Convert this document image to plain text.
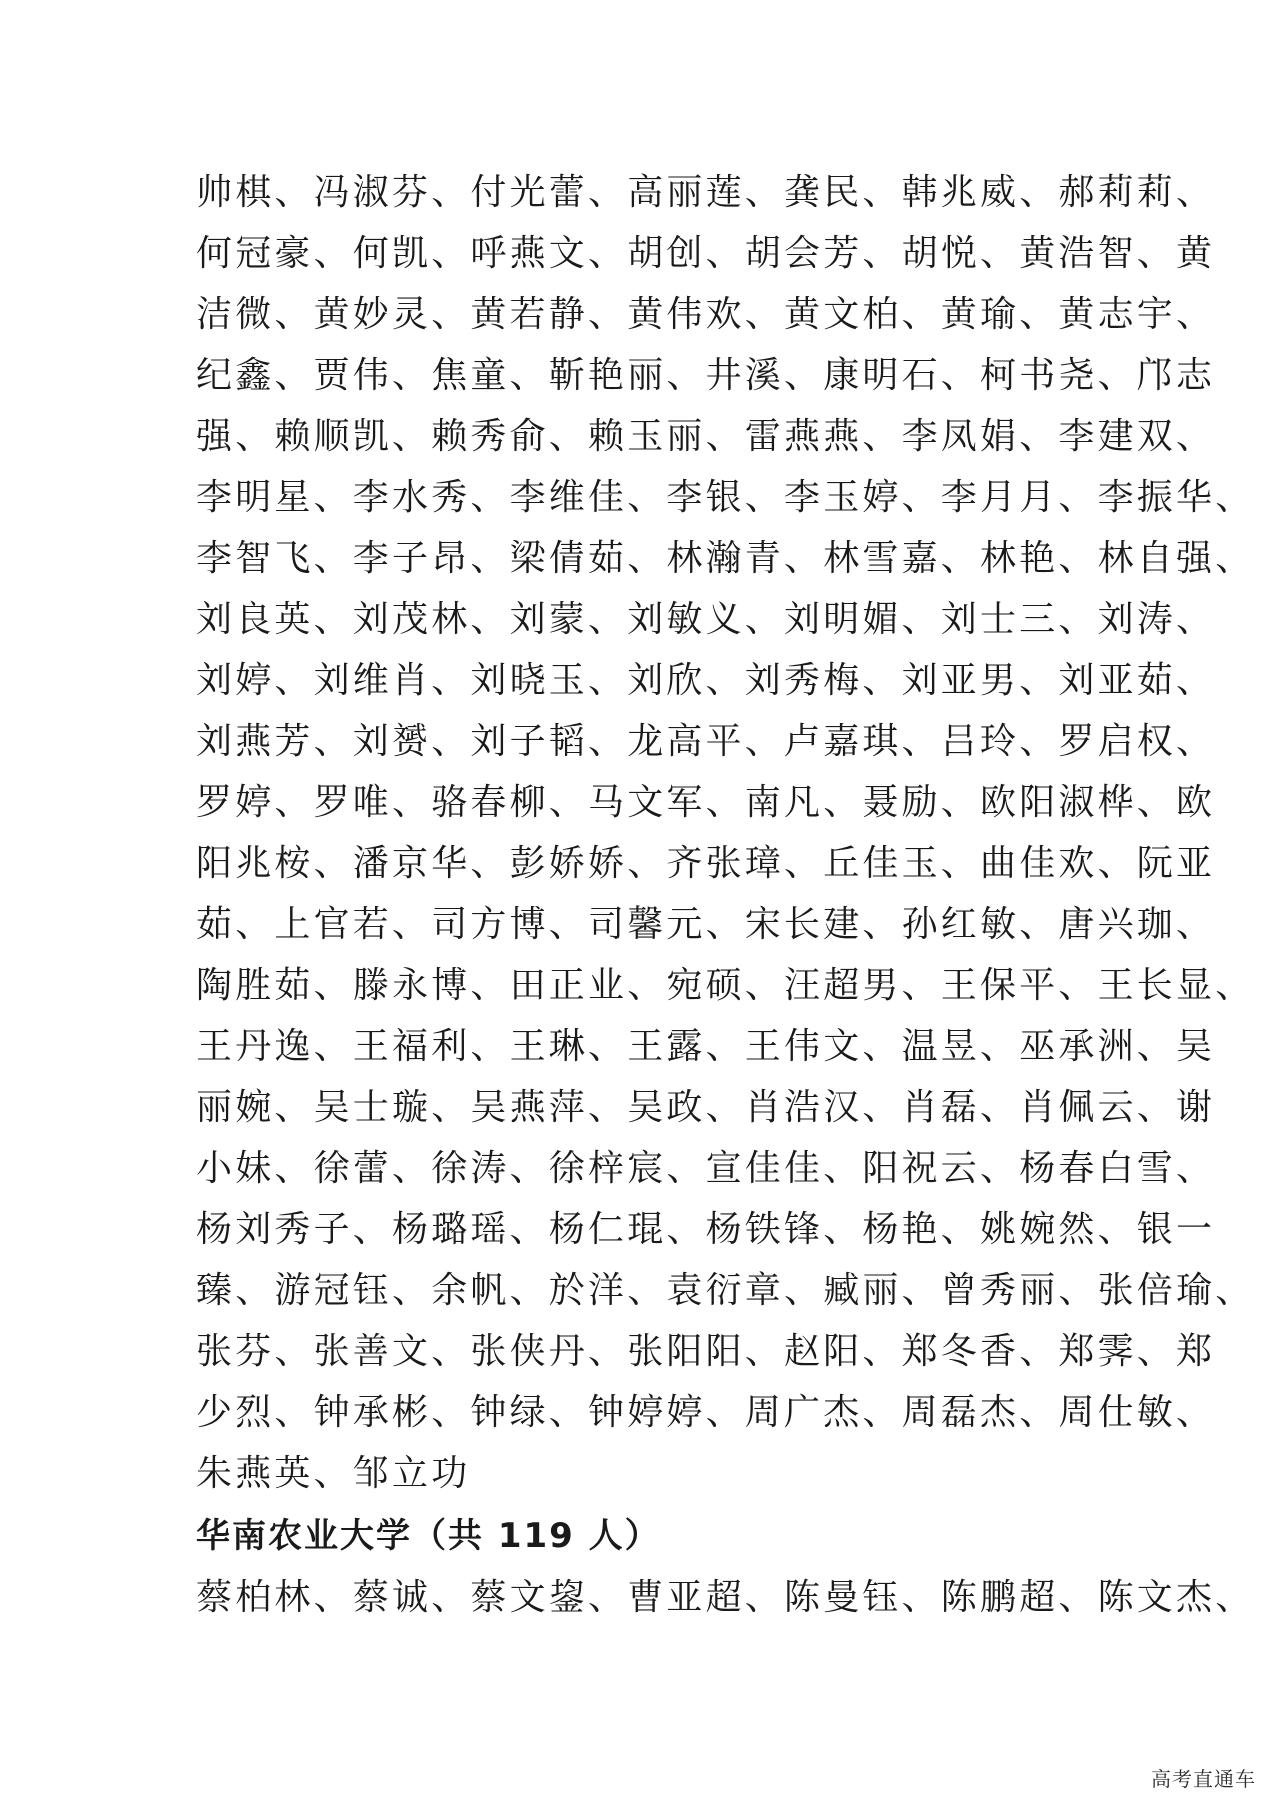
帅棋、冯淑芬、付光蕾、高丽莲、龚民、韩兆威、郝莉莉、
何冠豪、何凯、呼燕文、胡创、胡会芳、胡悦、黄浩智、黄
洁微、黄妙灵、黄若静、黄伟欢、黄文柏、黄瑜、黄志宇、
纪鑫、贾伟、焦童、靳艳丽、井溪、康明石、柯书尧、邝志
强、赖顺凯、赖秀俞、赖玉丽、雷燕燕、李凤娟、李建双、
李明星、李水秀、李维佳、李银、李玉婷、李月月、李振华、
李智飞、李子昂、梁倩茹、林瀚青、林雪嘉、林艳、林自强、
刘良英、刘茂林、刘蒙、刘敏义、刘明媚、刘士三、刘涛、
刘婷、刘维肖、刘晓玉、刘欣、刘秀梅、刘亚男、刘亚茹、
刘燕芳、刘赟、刘子韬、龙高平、卢嘉琪、吕玲、罗启权、
罗婷、罗唯、骆春柳、马文军、南凡、聂励、欧阳淑桦、欧
阳兆桉、潘京华、彭娇娇、齐张璋、丘佳玉、曲佳欢、阮亚
茹、上官若、司方博、司馨元、宋长建、孙红敏、唐兴珈、
陶胜茹、滕永博、田正业、宛硕、汪超男、王保平、王长显、
王丹逸、王福利、王琳、王露、王伟文、温昱、巫承洲、吴
丽婉、吴士璇、吴燕萍、吴政、肖浩汉、肖磊、肖佩云、谢
小妹、徐蕾、徐涛、徐梓宸、宣佳佳、阳祝云、杨春白雪、
杨刘秀子、杨璐瑶、杨仁琨、杨铁锋、杨艳、姚婉然、银一
臻、游冠钰、余帆、於洋、袁衍章、臧丽、曾秀丽、张倍瑜、
张芬、张善文、张侠丹、张阳阳、赵阳、郑冬香、郑霁、郑
少烈、钟承彬、钟绿、钟婷婷、周广杰、周磊杰、周仕敏、
朱燕英、邹立功
华南农业大学（共 119 人）
蔡柏林、蔡诚、蔡文鋆、曹亚超、陈曼钰、陈鹏超、陈文杰、
高考直通车
